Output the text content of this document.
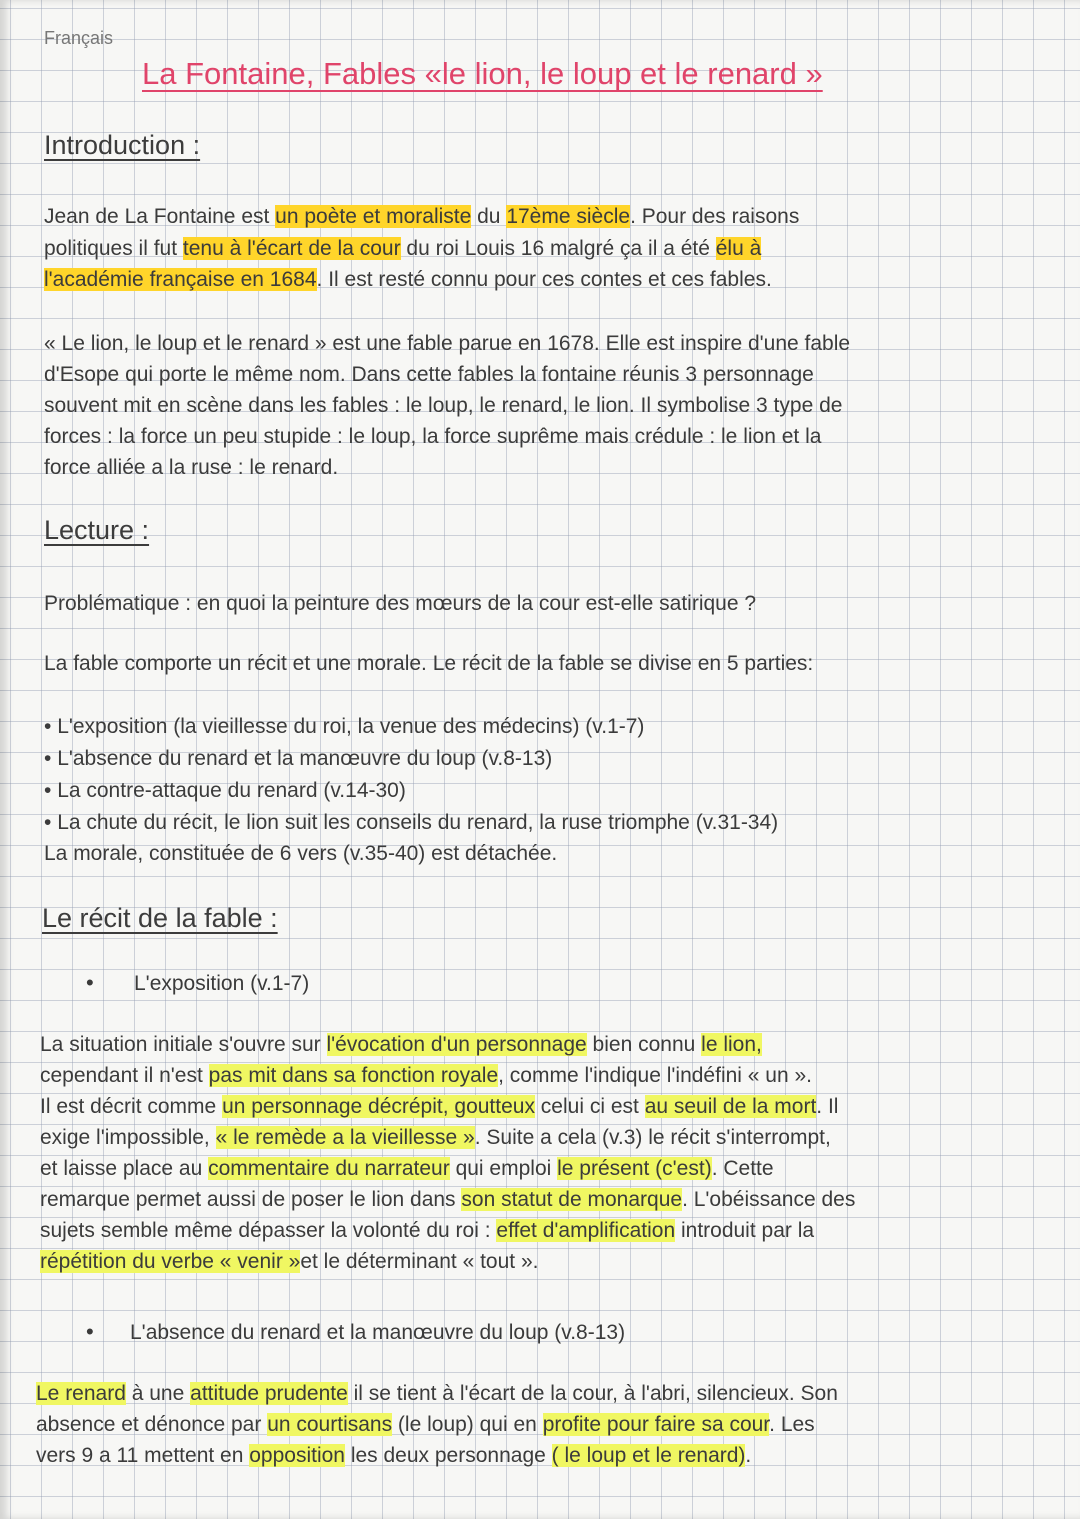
Français
La Fontaine, Fables «le lion, le loup et le renard »
Introduction :
Jean de La Fontaine est un poète et moraliste du 17ème siècle. Pour des raisons
politiques il fut tenu à l'écart de la cour du roi Louis 16 malgré ça il a été élu à
l'académie française en 1684. Il est resté connu pour ces contes et ces fables.
« Le lion, le loup et le renard » est une fable parue en 1678. Elle est inspire d'une fable
d'Esope qui porte le même nom. Dans cette fables la fontaine réunis 3 personnage
souvent mit en scène dans les fables : le loup, le renard, le lion. Il symbolise 3 type de
forces : la force un peu stupide : le loup, la force suprême mais crédule : le lion et la
force alliée a la ruse : le renard.
Lecture :
Problématique : en quoi la peinture des mœurs de la cour est-elle satirique ?
La fable comporte un récit et une morale. Le récit de la fable se divise en 5 parties:
• L'exposition (la vieillesse du roi, la venue des médecins) (v.1-7)
• L'absence du renard et la manœuvre du loup (v.8-13)
• La contre-attaque du renard (v.14-30)
• La chute du récit, le lion suit les conseils du renard, la ruse triomphe (v.31-34)
La morale, constituée de 6 vers (v.35-40) est détachée.
Le récit de la fable :
• L'exposition (v.1-7)
La situation initiale s'ouvre sur l'évocation d'un personnage bien connu le lion,
cependant il n'est pas mit dans sa fonction royale, comme l'indique l'indéfini « un ».
Il est décrit comme un personnage décrépit, goutteux celui ci est au seuil de la mort. Il
exige l'impossible, « le remède a la vieillesse ». Suite a cela (v.3) le récit s'interrompt,
et laisse place au commentaire du narrateur qui emploi le présent (c'est). Cette
remarque permet aussi de poser le lion dans son statut de monarque. L'obéissance des
sujets semble même dépasser la volonté du roi : effet d'amplification introduit par la
répétition du verbe « venir »et le déterminant « tout ».
• L'absence du renard et la manœuvre du loup (v.8-13)
Le renard à une attitude prudente il se tient à l'écart de la cour, à l'abri, silencieux. Son
absence et dénonce par un courtisans (le loup) qui en profite pour faire sa cour. Les
vers 9 a 11 mettent en opposition les deux personnage ( le loup et le renard).
